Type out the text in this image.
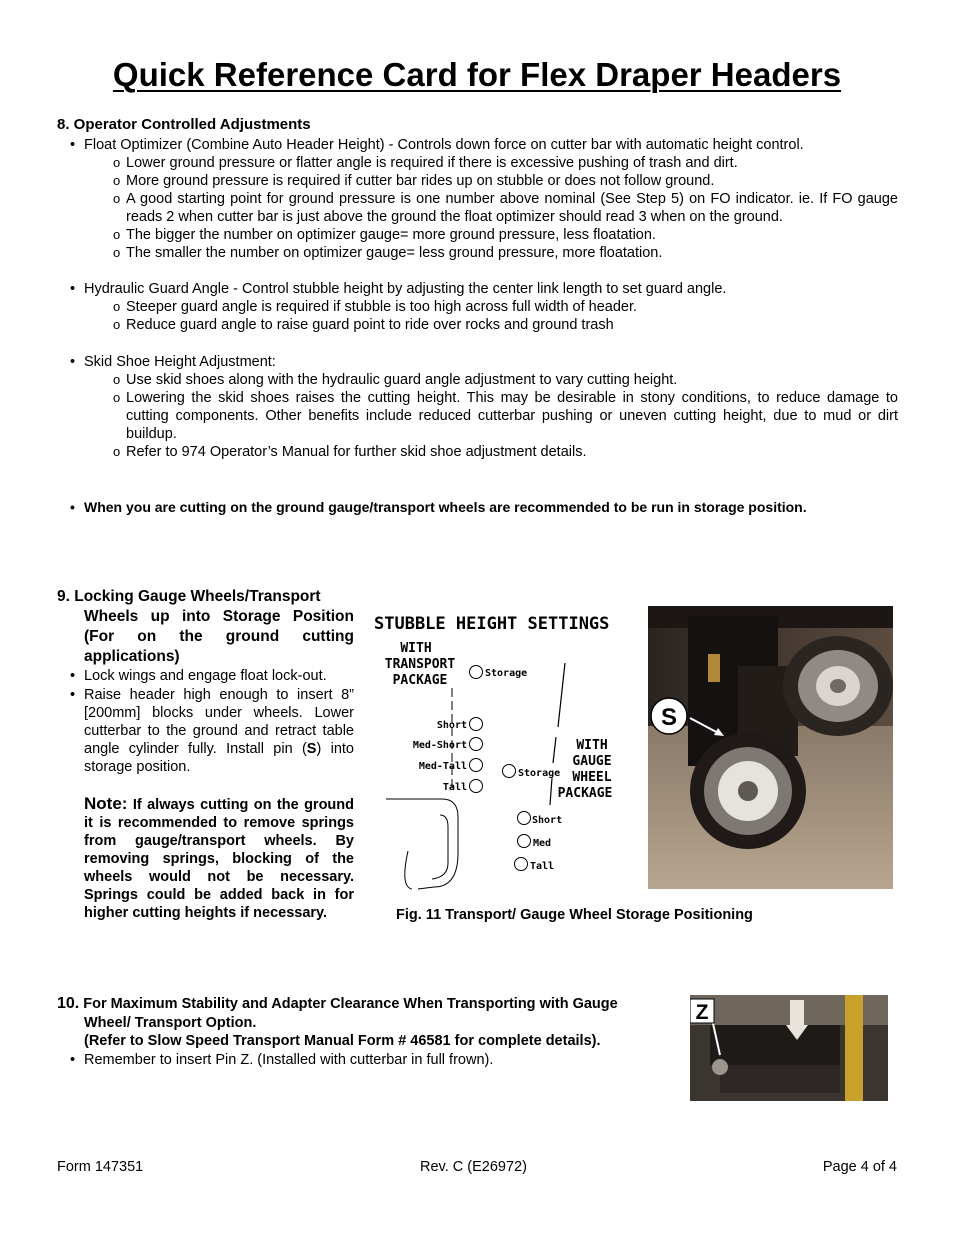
Quick Reference Card for Flex Draper Headers
8. Operator Controlled Adjustments
• Float Optimizer (Combine Auto Header Height) - Controls down force on cutter bar with automatic height control.
o Lower ground pressure or flatter angle is required if there is excessive pushing of trash and dirt.
o More ground pressure is required if cutter bar rides up on stubble or does not follow ground.
o A good starting point for ground pressure is one number above nominal (See Step 5) on FO indicator. ie. If FO gauge reads 2 when cutter bar is just above the ground the float optimizer should read 3 when on the ground.
o The bigger the number on optimizer gauge= more ground pressure, less floatation.
o The smaller the number on optimizer gauge= less ground pressure, more floatation.
• Hydraulic Guard Angle - Control stubble height by adjusting the center link length to set guard angle.
o Steeper guard angle is required if stubble is too high across full width of header.
o Reduce guard angle to raise guard point to ride over rocks and ground trash
• Skid Shoe Height Adjustment:
o Use skid shoes along with the hydraulic guard angle adjustment to vary cutting height.
o Lowering the skid shoes raises the cutting height. This may be desirable in stony conditions, to reduce damage to cutting components. Other benefits include reduced cutterbar pushing or uneven cutting height, due to mud or dirt buildup.
o Refer to 974 Operator’s Manual for further skid shoe adjustment details.
• When you are cutting on the ground gauge/transport wheels are recommended to be run in storage position.
9. Locking Gauge Wheels/Transport
Wheels up into Storage Position (For on the ground cutting applications)
• Lock wings and engage float lock-out.
• Raise header high enough to insert 8” [200mm] blocks under wheels. Lower cutterbar to the ground and retract table angle cylinder fully. Install pin (S) into storage position.
Note: If always cutting on the ground it is recommended to remove springs from gauge/transport wheels. By removing springs, blocking of the wheels would not be necessary. Springs could be added back in for higher cutting heights if necessary.
STUBBLE HEIGHT SETTINGS
WITH
TRANSPORT
PACKAGE
WITH
GAUGE
WHEEL
PACKAGE
Storage
Short
Med-Short
Med-Tall
Tall
Storage
Short
Med
Tall
S
Fig. 11 Transport/ Gauge Wheel Storage Positioning
10. For Maximum Stability and Adapter Clearance When Transporting with Gauge
Wheel/ Transport Option.
(Refer to Slow Speed Transport Manual Form # 46581 for complete details).
• Remember to insert Pin Z. (Installed with cutterbar in full frown).
Z
Form 147351	Rev. C (E26972)	Page 4 of 4
